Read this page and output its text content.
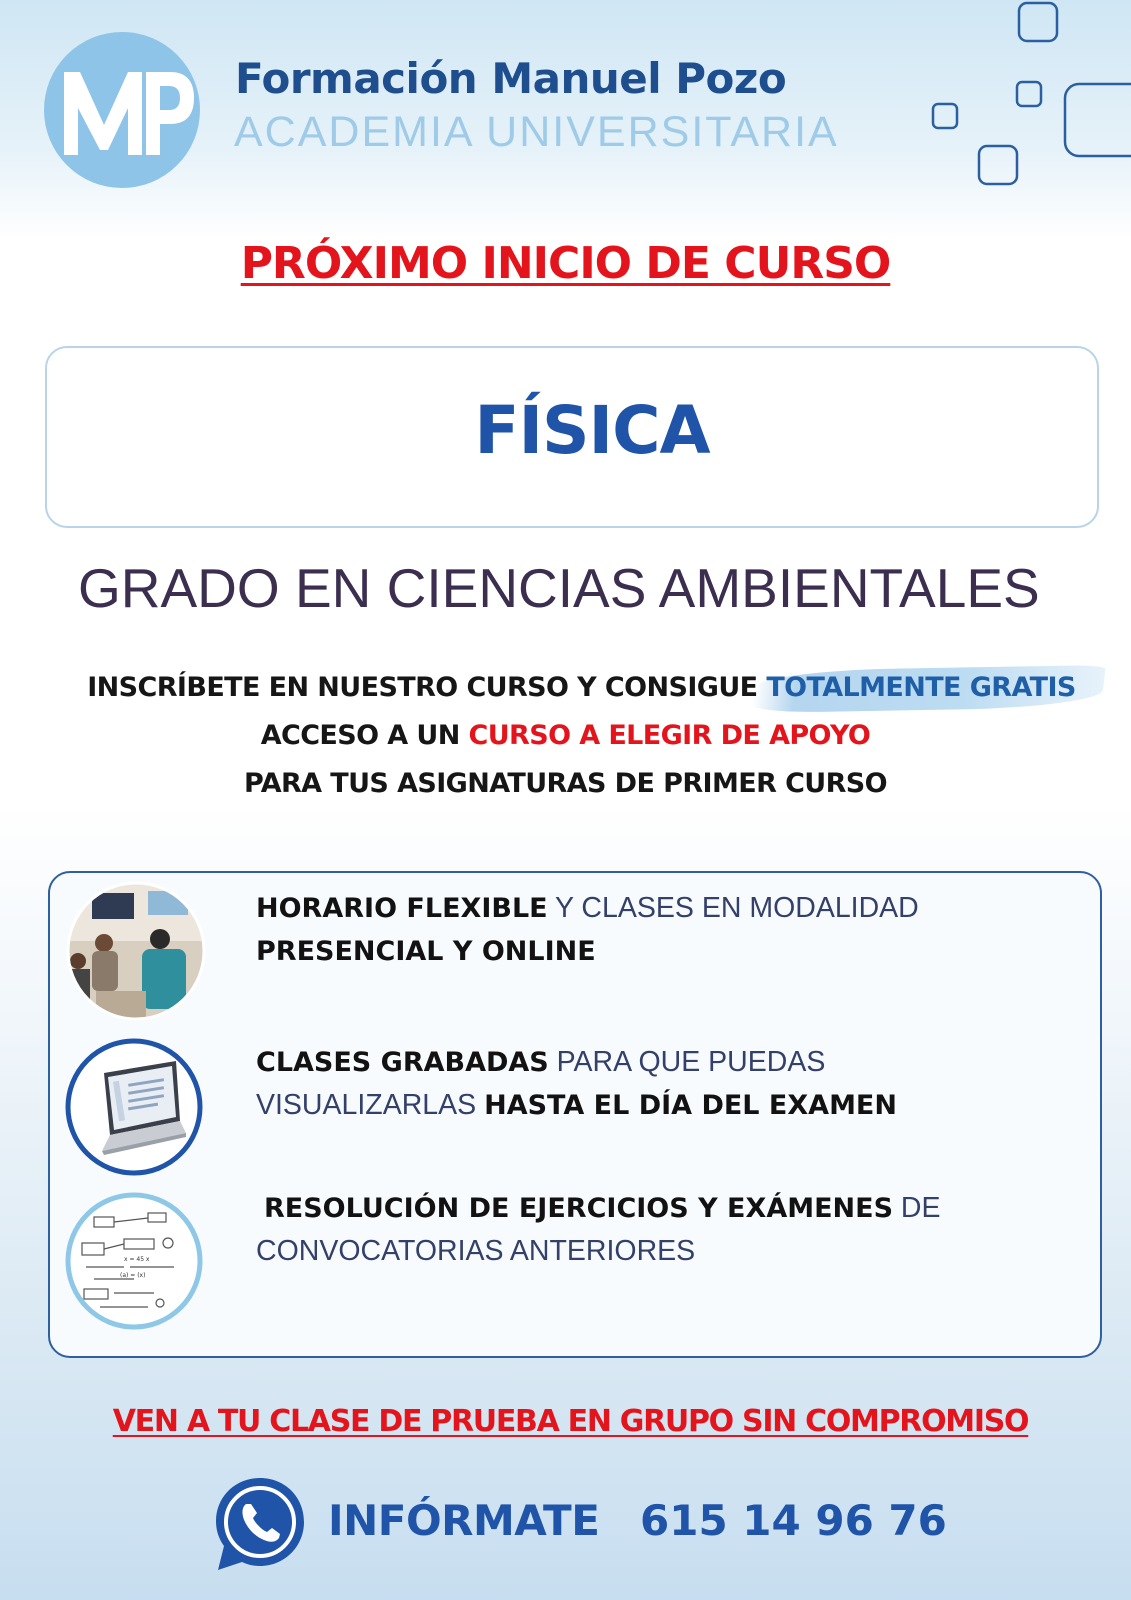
Formación Manuel Pozo
ACADEMIA UNIVERSITARIA
PRÓXIMO INICIO DE CURSO
FÍSICA
GRADO EN CIENCIAS AMBIENTALES
INSCRÍBETE EN NUESTRO CURSO Y CONSIGUE TOTALMENTE GRATIS
ACCESO A UN CURSO A ELEGIR DE APOYO
PARA TUS ASIGNATURAS DE PRIMER CURSO
HORARIO FLEXIBLE Y CLASES EN MODALIDAD
PRESENCIAL Y ONLINE
CLASES GRABADAS PARA QUE PUEDAS
VISUALIZARLAS HASTA EL DÍA DEL EXAMEN
x = 45 x
(a) = (x)
RESOLUCIÓN DE EJERCICIOS Y EXÁMENES DE
CONVOCATORIAS ANTERIORES
VEN A TU CLASE DE PRUEBA EN GRUPO SIN COMPROMISO
INFÓRMATE 615 14 96 76
